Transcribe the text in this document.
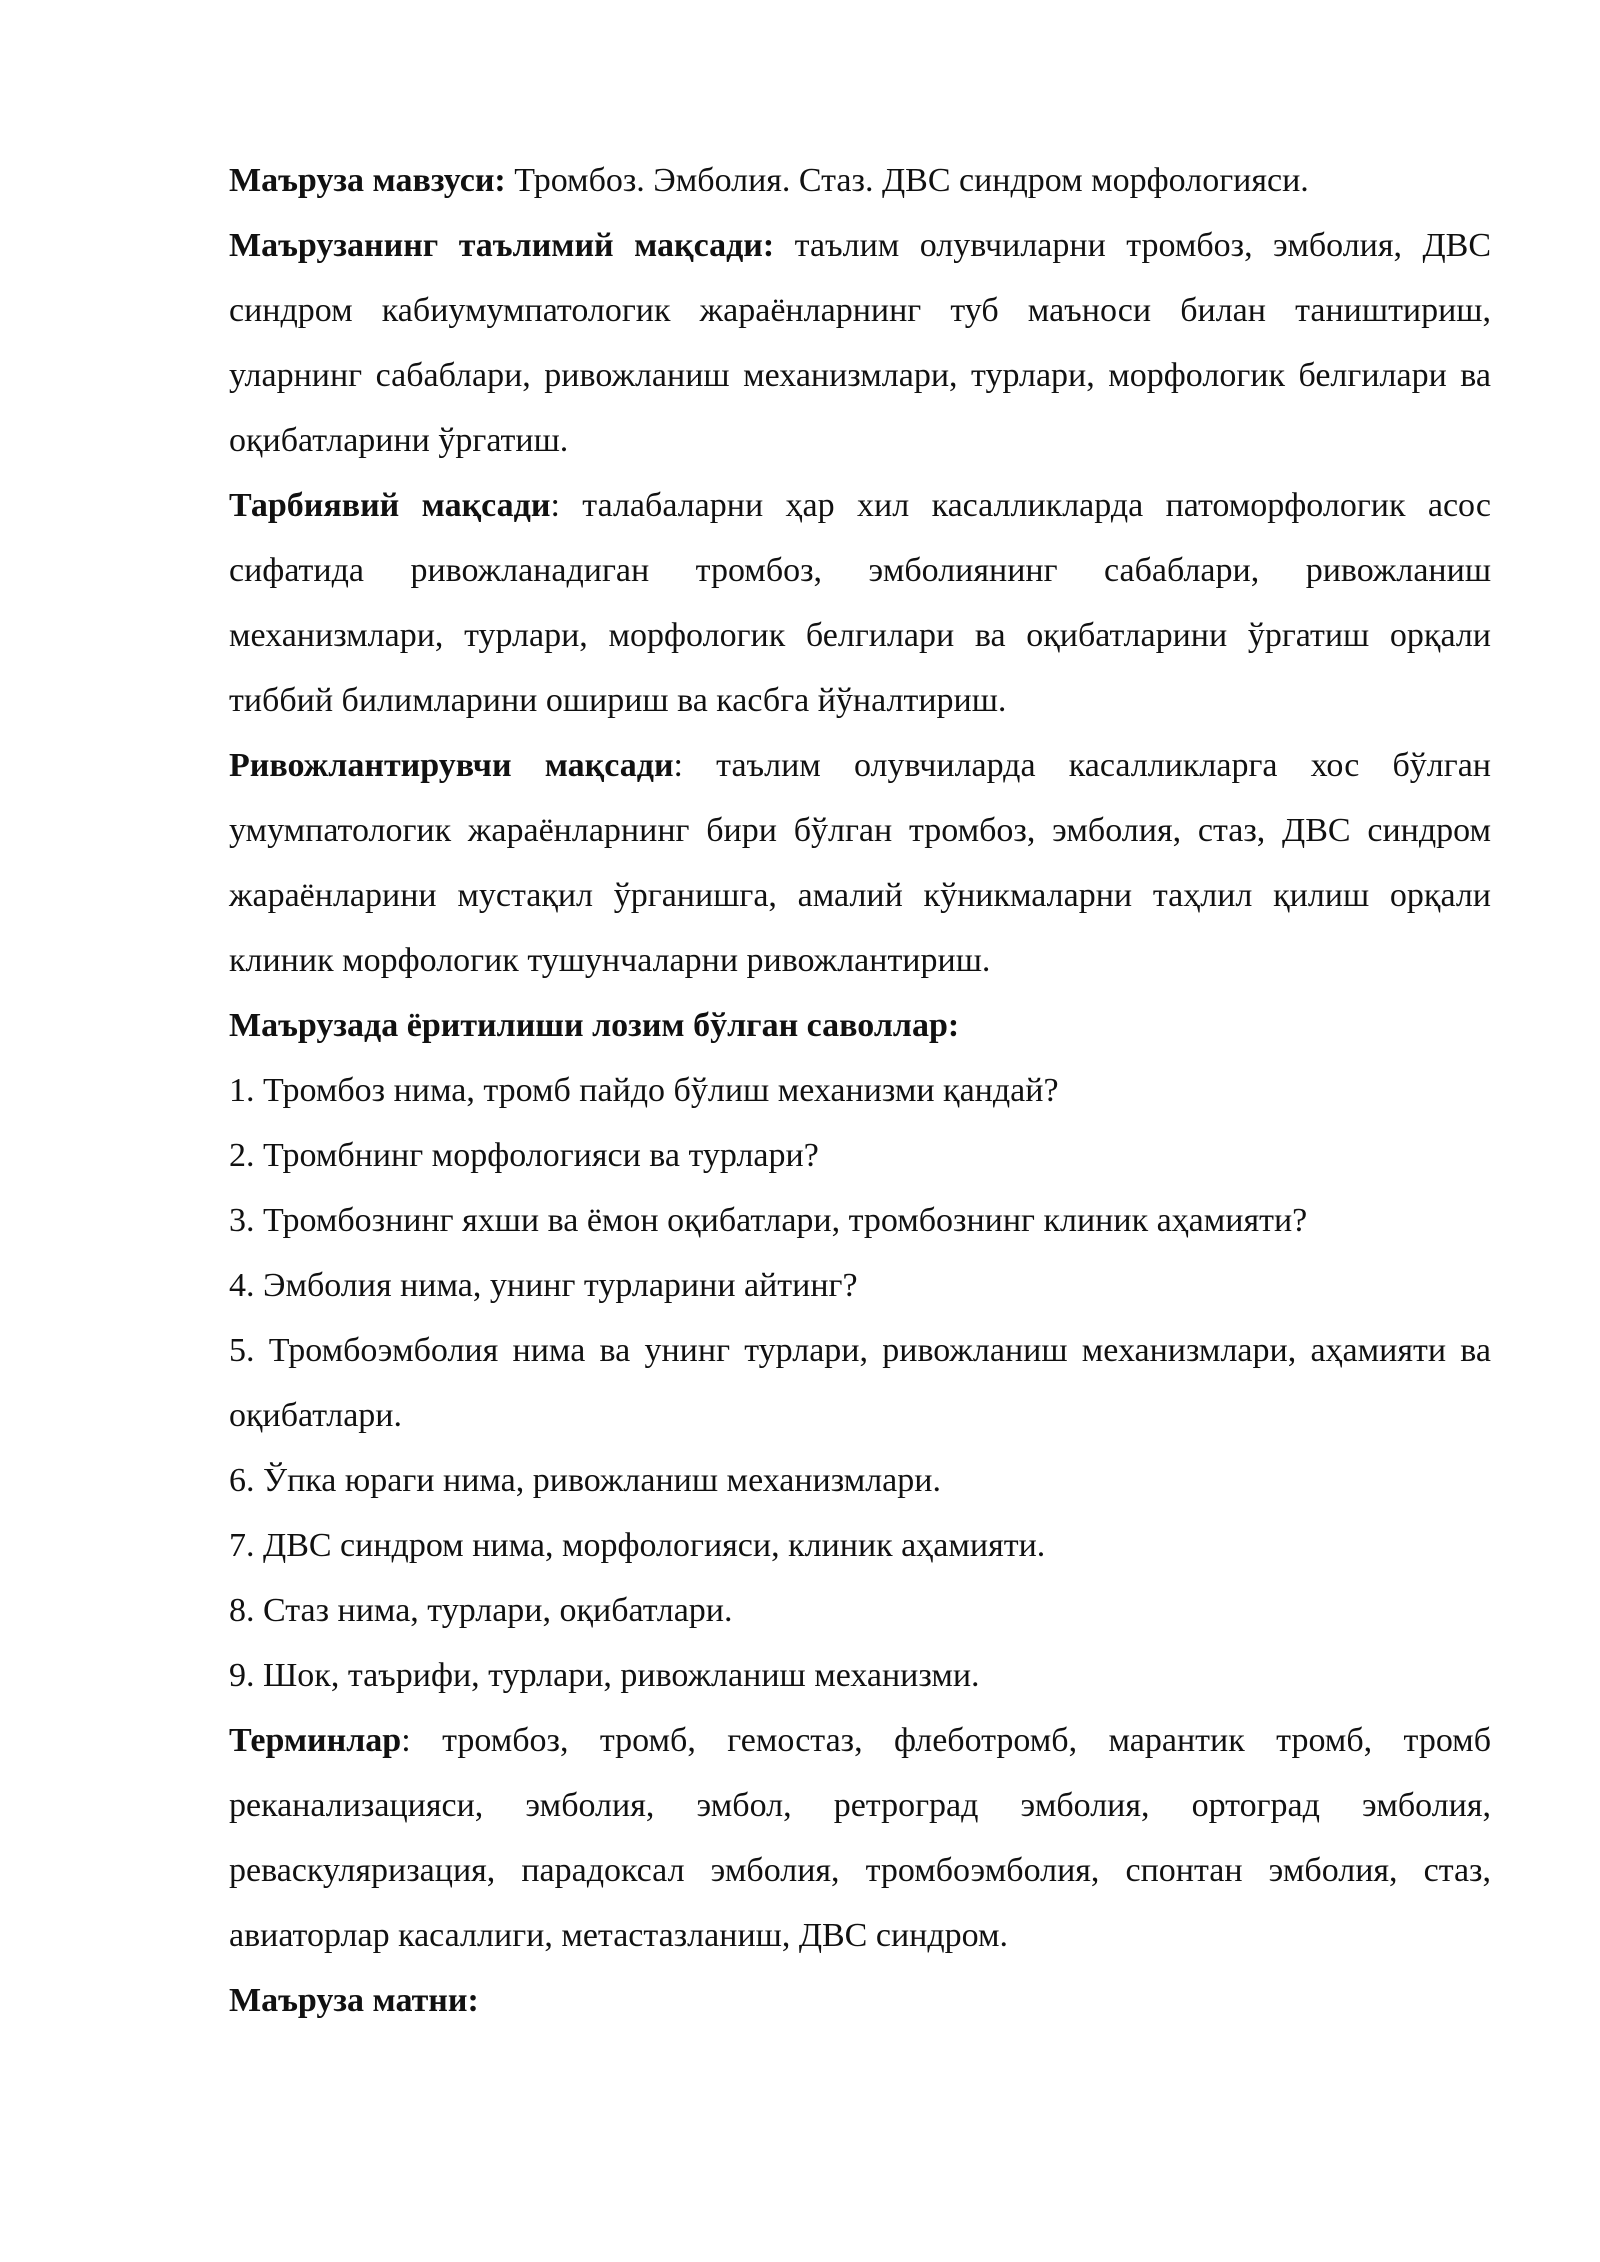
Маъруза мавзуси: Тромбоз. Эмболия. Стаз. ДВС синдром морфологияси.

Маърузанинг таълимий мақсади: таълим олувчиларни тромбоз, эмболия, ДВС синдром кабиумумпатологик жараёнларнинг туб маъноси билан таништириш, уларнинг сабаблари, ривожланиш механизмлари, турлари, морфологик белгилари ва оқибатларини ўргатиш.

Тарбиявий мақсади: талабаларни ҳар хил касалликларда патоморфологик асос сифатида ривожланадиган тромбоз, эмболиянинг сабаблари, ривожланиш механизмлари, турлари, морфологик белгилари ва оқибатларини ўргатиш орқали тиббий билимларини ошириш ва касбга йўналтириш.

Ривожлантирувчи мақсади: таълим олувчиларда касалликларга хос бўлган умумпатологик жараёнларнинг бири бўлган тромбоз, эмболия, стаз, ДВС синдром жараёнларини мустақил ўрганишга, амалий кўникмаларни таҳлил қилиш орқали клиник морфологик тушунчаларни ривожлантириш.

Маърузада ёритилиши лозим бўлган саволлар:

1. Тромбоз нима, тромб пайдо бўлиш механизми қандай?

2. Тромбнинг морфологияси ва турлари?

3. Тромбознинг яхши ва ёмон оқибатлари, тромбознинг клиник аҳамияти?

4. Эмболия нима, унинг турларини айтинг?

5. Тромбоэмболия нима ва унинг турлари, ривожланиш механизмлари, аҳамияти ва оқибатлари.

6. Ўпка юраги нима, ривожланиш механизмлари.

7. ДВС синдром нима, морфологияси, клиник аҳамияти.

8. Стаз нима, турлари, оқибатлари.

9. Шок, таърифи, турлари, ривожланиш механизми.

Терминлар: тромбоз, тромб, гемостаз, флеботромб, марантик тромб, тромб реканализацияси, эмболия, эмбол, ретроград эмболия, ортоград эмболия, реваскуляризация, парадоксал эмболия, тромбоэмболия, спонтан эмболия, стаз, авиаторлар касаллиги, метастазланиш, ДВС синдром.

Маъруза матни:
